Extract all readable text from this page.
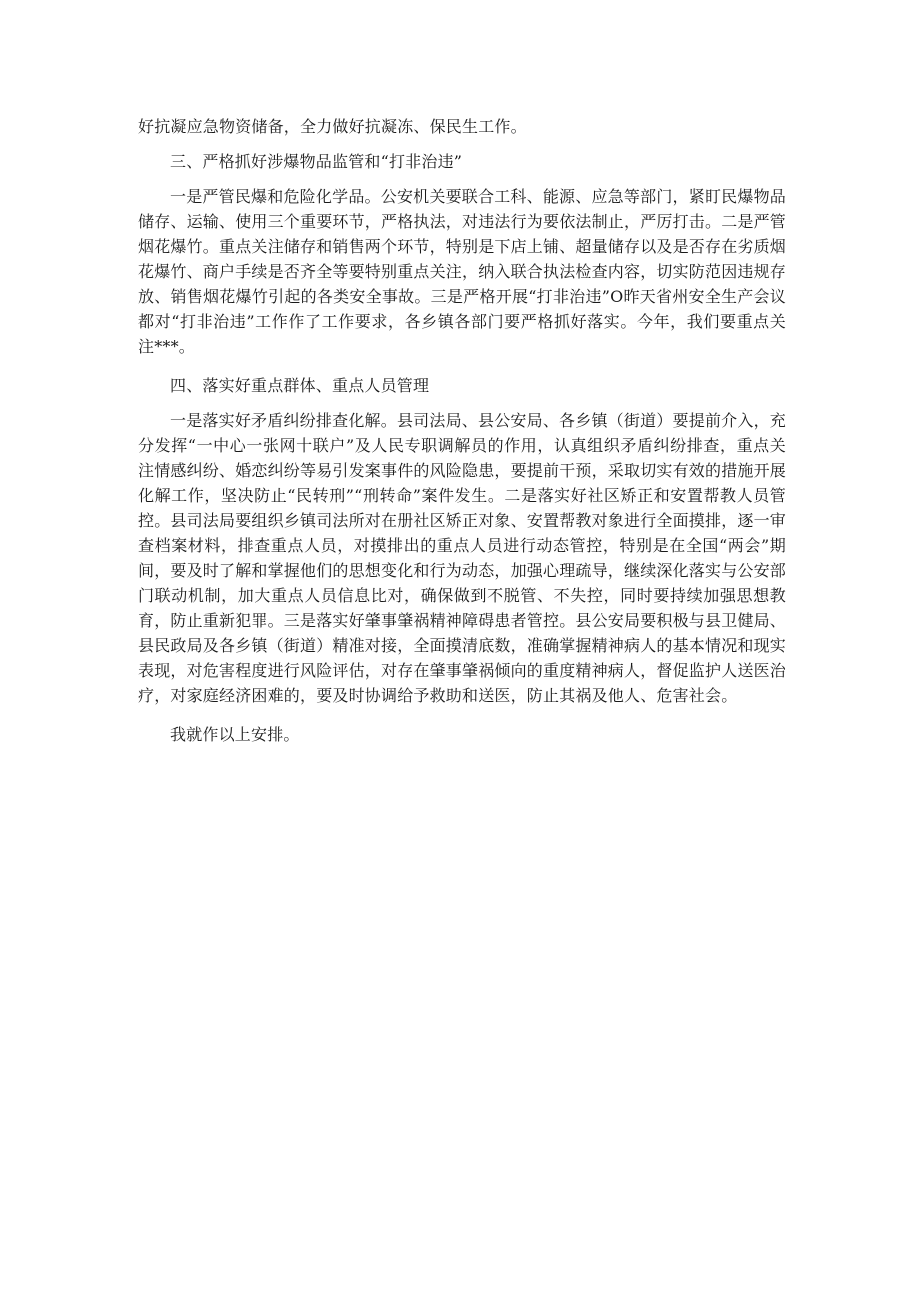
好抗凝应急物资储备，全力做好抗凝冻、保民生工作。

三、严格抓好涉爆物品监管和“打非治违”

一是严管民爆和危险化学品。公安机关要联合工科、能源、应急等部门，紧盯民爆物品储存、运输、使用三个重要环节，严格执法，对违法行为要依法制止，严厉打击。二是严管烟花爆竹。重点关注储存和销售两个环节，特别是下店上铺、超量储存以及是否存在劣质烟花爆竹、商户手续是否齐全等要特别重点关注，纳入联合执法检查内容，切实防范因违规存放、销售烟花爆竹引起的各类安全事故。三是严格开展“打非治违”O昨天省州安全生产会议都对“打非治违”工作作了工作要求，各乡镇各部门要严格抓好落实。今年，我们要重点关注***。

四、落实好重点群体、重点人员管理

一是落实好矛盾纠纷排查化解。县司法局、县公安局、各乡镇（街道）要提前介入，充分发挥“一中心一张网十联户”及人民专职调解员的作用，认真组织矛盾纠纷排查，重点关注情感纠纷、婚恋纠纷等易引发案事件的风险隐患，要提前干预，采取切实有效的措施开展化解工作，坚决防止“民转刑”“刑转命”案件发生。二是落实好社区矫正和安置帮教人员管控。县司法局要组织乡镇司法所对在册社区矫正对象、安置帮教对象进行全面摸排，逐一审查档案材料，排查重点人员，对摸排出的重点人员进行动态管控，特别是在全国“两会”期间，要及时了解和掌握他们的思想变化和行为动态，加强心理疏导，继续深化落实与公安部门联动机制，加大重点人员信息比对，确保做到不脱管、不失控，同时要持续加强思想教育，防止重新犯罪。三是落实好肇事肇祸精神障碍患者管控。县公安局要积极与县卫健局、县民政局及各乡镇（街道）精准对接，全面摸清底数，准确掌握精神病人的基本情况和现实表现，对危害程度进行风险评估，对存在肇事肇祸倾向的重度精神病人，督促监护人送医治疗，对家庭经济困难的，要及时协调给予救助和送医，防止其祸及他人、危害社会。

我就作以上安排。
